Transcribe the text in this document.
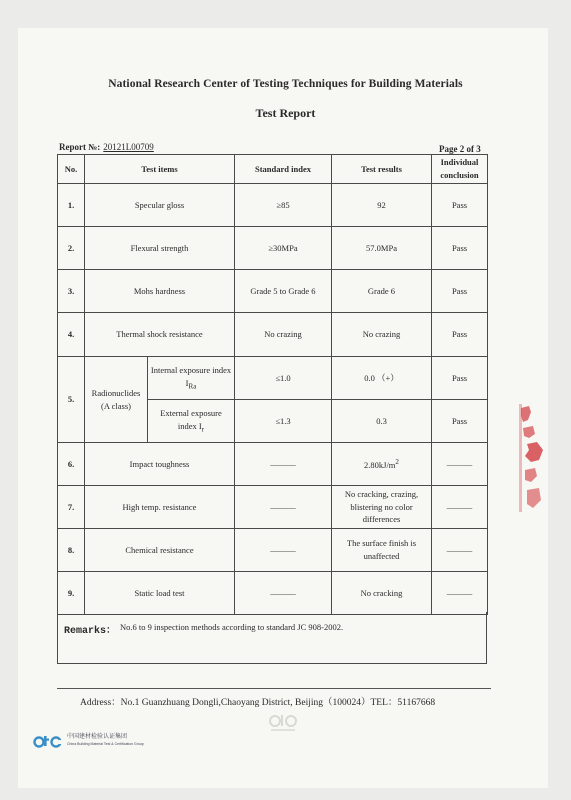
National Research Center of Testing Techniques for Building Materials
Test Report
Report №: 20121L00709	Page 2 of 3
No.	Test items		Standard index	Test results	Individual conclusion
1.	Specular gloss		≥85	92	Pass
2.	Flexural strength		≥30MPa	57.0MPa	Pass
3.	Mohs hardness		Grade 5 to Grade 6	Grade 6	Pass
4.	Thermal shock resistance		No crazing	No crazing	Pass
5.	Radionuclides (A class)	Internal exposure index $I_{Ra}$	≤1.0	0.0 （+）	Pass
		External exposure index $I_r$	≤1.3	0.3	Pass
6.	Impact toughness		———	$2.80kJ/m^2$	———
7.	High temp. resistance		———	No cracking, crazing, blistering no color differences	———
8.	Chemical resistance		———	The surface finish is unaffected	———
9.	Static load test		———	No cracking	———
Remarks： No.6 to 9 inspection methods according to standard JC 908-2002.
Address：No.1 Guanzhuang Dongli,Chaoyang District, Beijing（100024）TEL：51167668
中国建材检验认证集团
China Building Material Test & Certification Group
